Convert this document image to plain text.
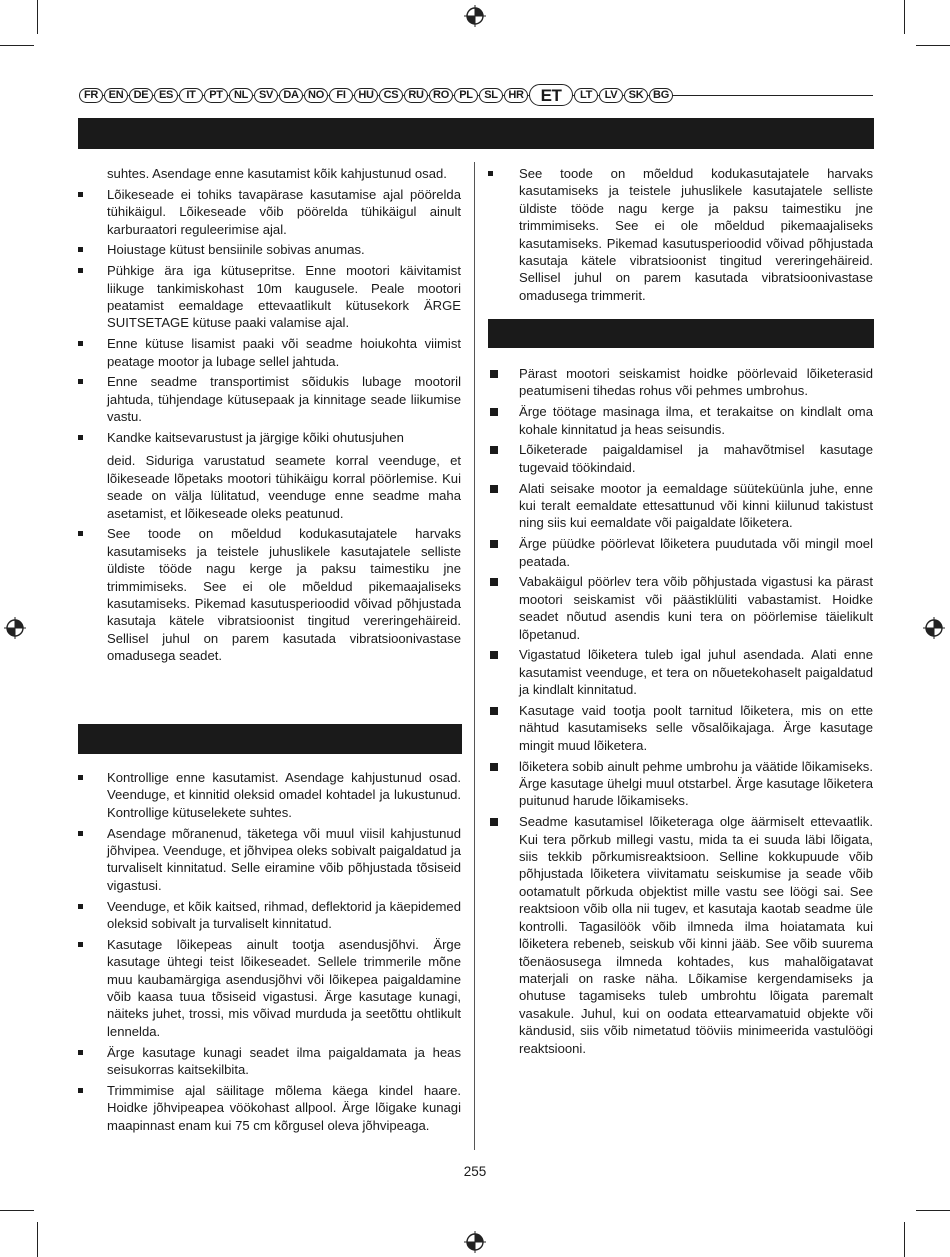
FR EN DE ES	IT	PT	NL SV DA NO	FI	HU CS RU RO PL	SL HR ET	LT	LV	SK BG

suhtes. Asendage enne kasutamist kõik kahjustunud osad.

Lõikeseade ei tohiks tavapärase kasutamise ajal pöörelda tühikäigul. Lõikeseade võib pöörelda tühikäigul ainult karburaatori reguleerimise ajal.
Hoiustage kütust bensiinile sobivas anumas.
Pühkige ära iga kütusepritse. Enne mootori käivitamist liikuge tankimiskohast 10m kaugusele. Peale mootori peatamist eemaldage ettevaatlikult kütusekork ÄRGE SUITSETAGE kütuse paaki valamise ajal.
Enne kütuse lisamist paaki või seadme hoiukohta viimist peatage mootor ja lubage sellel jahtuda.
Enne seadme transportimist sõidukis lubage mootoril jahtuda, tühjendage kütusepaak ja kinnitage seade liikumise vastu.
Kandke kaitsevarustust ja järgige kõiki ohutusjuhen
deid. Siduriga varustatud seamete korral veenduge, et lõikeseade lõpetaks mootori tühikäigu korral pöörlemise. Kui seade on välja lülitatud, veenduge enne seadme maha asetamist, et lõikeseade oleks peatunud.
See toode on mõeldud kodukasutajatele harvaks kasutamiseks ja teistele juhuslikele kasutajatele selliste üldiste tööde nagu kerge ja paksu taimestiku jne trimmimiseks. See ei ole mõeldud pikemaajaliseks kasutamiseks. Pikemad kasutusperioodid võivad põhjustada kasutaja kätele vibratsioonist tingitud vereringehäireid. Sellisel juhul on parem kasutada vibratsioonivastase omadusega seadet.
Kontrollige enne kasutamist. Asendage kahjustunud osad. Veenduge, et kinnitid oleksid omadel kohtadel ja lukustunud. Kontrollige kütuselekete suhtes.
Asendage mõranenud, täketega või muul viisil kahjustunud jõhvipea. Veenduge, et jõhvipea oleks sobivalt paigaldatud ja turvaliselt kinnitatud. Selle eiramine võib põhjustada tõsiseid vigastusi.
Veenduge, et kõik kaitsed, rihmad, deflektorid ja käepidemed oleksid sobivalt ja turvaliselt kinnitatud.
Kasutage lõikepeas ainult tootja asendusjõhvi. Ärge kasutage ühtegi teist lõikeseadet. Sellele trimmerile mõne muu kaubamärgiga asendusjõhvi või lõikepea paigaldamine võib kaasa tuua tõsiseid vigastusi. Ärge kasutage kunagi, näiteks juhet, trossi, mis võivad murduda ja seetõttu ohtlikult lennelda.
Ärge kasutage kunagi seadet ilma paigaldamata ja heas seisukorras kaitsekilbita.
Trimmimise ajal säilitage mõlema käega kindel haare. Hoidke jõhvipeapea vöökohast allpool. Ärge lõigake kunagi maapinnast enam kui 75 cm kõrgusel oleva jõhvipeaga.
See toode on mõeldud kodukasutajatele harvaks kasutamiseks ja teistele juhuslikele kasutajatele selliste üldiste tööde nagu kerge ja paksu taimestiku jne trimmimiseks. See ei ole mõeldud pikemaajaliseks kasutamiseks. Pikemad kasutusperioodid võivad põhjustada kasutaja kätele vibratsioonist tingitud vereringehäireid. Sellisel juhul on parem kasutada vibratsioonivastase omadusega trimmerit.
Pärast mootori seiskamist hoidke pöörlevaid lõiketerasid peatumiseni tihedas rohus või pehmes umbrohus.
Ärge töötage masinaga ilma, et terakaitse on kindlalt oma kohale kinnitatud ja heas seisundis.
Lõiketerade paigaldamisel ja mahavõtmisel kasutage tugevaid töökindaid.
Alati seisake mootor ja eemaldage süüteküünla juhe, enne kui teralt eemaldate ettesattunud või kinni kiilunud takistust ning siis kui eemaldate või paigaldate lõiketera.
Ärge püüdke pöörlevat lõiketera puudutada või mingil moel peatada.
Vabakäigul pöörlev tera võib põhjustada vigastusi ka pärast mootori seiskamist või päästiklüliti vabastamist. Hoidke seadet nõutud asendis kuni tera on pöörlemise täielikult lõpetanud.
Vigastatud lõiketera tuleb igal juhul asendada. Alati enne kasutamist veenduge, et tera on nõuetekohaselt paigaldatud ja kindlalt kinnitatud.
Kasutage vaid tootja poolt tarnitud lõiketera, mis on ette nähtud kasutamiseks selle võsalõikajaga. Ärge kasutage mingit muud lõiketera.
lõiketera sobib ainult pehme umbrohu ja väätide lõikamiseks. Ärge kasutage ühelgi muul otstarbel. Ärge kasutage lõiketera puitunud harude lõikamiseks.
Seadme kasutamisel lõiketeraga olge äärmiselt ettevaatlik. Kui tera põrkub millegi vastu, mida ta ei suuda läbi lõigata, siis tekkib põrkumisreaktsioon. Selline kokkupuude võib põhjustada lõiketera viivitamatu seiskumise ja seade võib ootamatult põrkuda objektist mille vastu see löögi sai. See reaktsioon võib olla nii tugev, et kasutaja kaotab seadme üle kontrolli. Tagasilöök võib ilmneda ilma hoiatamata kui lõiketera rebeneb, seiskub või kinni jääb. See võib suurema tõenäosusega ilmneda kohtades, kus mahalõigatavat materjali on raske näha. Lõikamise kergendamiseks ja ohutuse tagamiseks tuleb umbrohtu lõigata paremalt vasakule. Juhul, kui on oodata ettearvamatuid objekte või kändusid, siis võib nimetatud tööviis minimeerida vastulöögi reaktsiooni.
255
